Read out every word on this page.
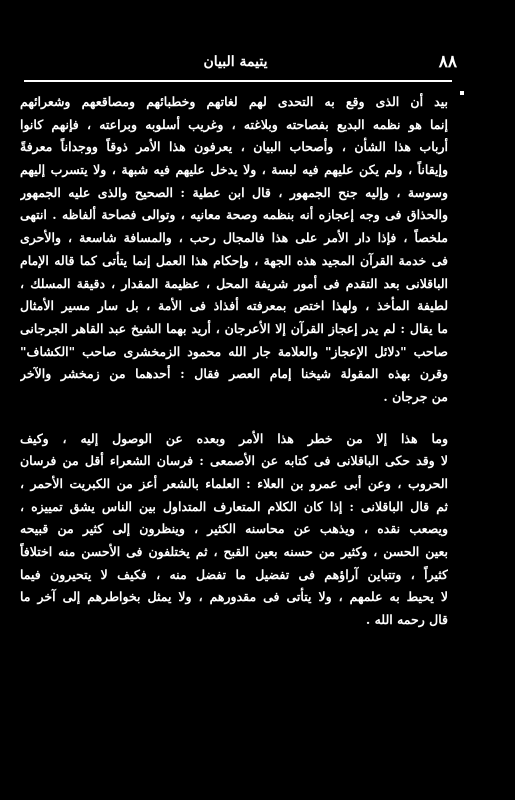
٨٨
يتيمة البيان
بيد أن الذى وقع به التحدى لهم لغاتهم وخطبائهم ومصاقعهم وشعرائهم
إنما هو نظمه البديع بفصاحته وبلاغته ، وغريب أسلوبه وبراعته ، فإنهم كانوا
أرباب هذا الشأن ، وأصحاب البيان ، يعرفون هذا الأمر ذوقاً ووجداناً معرفةً
وإيقاناً ، ولم يكن عليهم فيه لبسة ، ولا يدخل عليهم فيه شبهة ، ولا يتسرب إليهم
وسوسة ، وإليه جنح الجمهور ، قال ابن عطية : الصحيح والذى عليه الجمهور
والحذاق فى وجه إعجازه أنه بنظمه وصحة معانيه ، وتوالى فصاحة ألفاظه . انتهى
ملخصاً ، فإذا دار الأمر على هذا فالمجال رحب ، والمسافة شاسعة ، والأحرى
فى خدمة القرآن المجيد هذه الجهة ، وإحكام هذا العمل إنما يتأتى كما قاله الإمام
الباقلانى بعد التقدم فى أمور شريفة المحل ، عظيمة المقدار ، دقيقة المسلك ،
لطيفة المأخذ ، ولهذا اختص بمعرفته أفذاذ فى الأمة ، بل سار مسير الأمثال
ما يقال : لم يدر إعجاز القرآن إلا الأعرجان ، أريد بهما الشيخ عبد القاهر الجرجانى
صاحب "دلائل الإعجاز" والعلامة جار الله محمود الزمخشرى صاحب "الكشاف"
وقرن بهذه المقولة شيخنا إمام العصر فقال : أحدهما من زمخشر والآخر
من جرجان .
وما هذا إلا من خطر هذا الأمر وبعده عن الوصول إليه ، وكيف
لا وقد حكى الباقلانى فى كتابه عن الأصمعى : فرسان الشعراء أقل من فرسان
الحروب ، وعن أبى عمرو بن العلاء : العلماء بالشعر أعز من الكبريت الأحمر ،
ثم قال الباقلانى : إذا كان الكلام المتعارف المتداول بين الناس يشق تمييزه ،
ويصعب نقده ، ويذهب عن محاسنه الكثير ، وينظرون إلى كثير من قبيحه
بعين الحسن ، وكثير من حسنه بعين القبح ، ثم يختلفون فى الأحسن منه اختلافاً
كثيراً ، وتتباين آراؤهم فى تفضيل ما تفضل منه ، فكيف لا يتحيرون فيما
لا يحيط به علمهم ، ولا يتأتى فى مقدورهم ، ولا يمثل بخواطرهم إلى آخر ما
قال رحمه الله .
